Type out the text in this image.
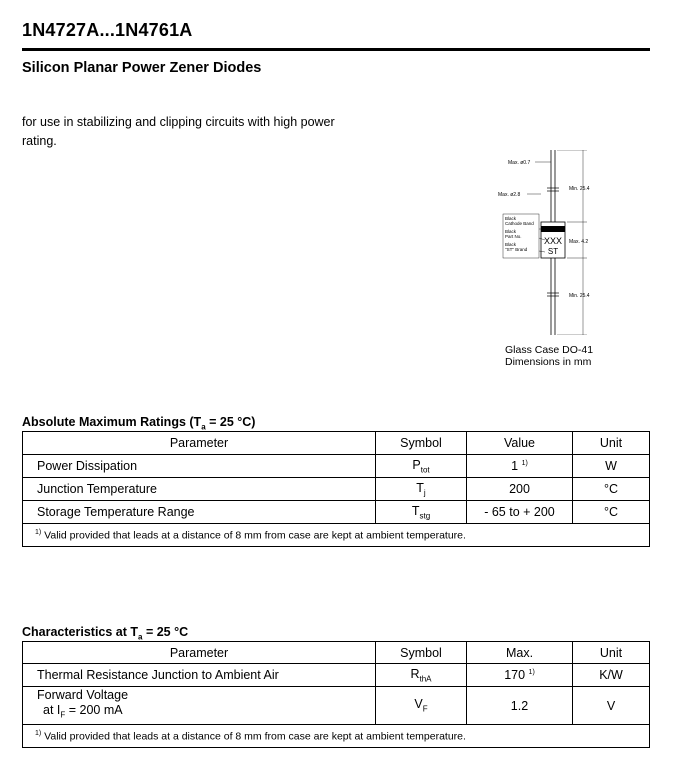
1N4727A...1N4761A
Silicon Planar Power Zener Diodes
for use in stabilizing and clipping circuits with high power
rating.
XXX
ST
Black
Cathode Band
Black
Part No.
Black
"ST" Brand
Max. ø0.7
Max. ø2.8
Min. 25.4
Max. 4.2
Min. 25.4
Glass Case DO-41
Dimensions in mm
Absolute Maximum Ratings ($T_a = 25$ °C)
Parameter	Symbol	Value	Unit
Power Dissipation	$P_{tot}$	1 $^{1)}$	W
Junction Temperature	$T_j$	200	°C
Storage Temperature Range	$T_{stg}$	- 65 to + 200	°C
$^{1)}$ Valid provided that leads at a distance of 8 mm from case are kept at ambient temperature.			
Characteristics at $T_a = 25$ °C
Parameter	Symbol	Max.	Unit
Thermal Resistance Junction to Ambient Air	$R_{thA}$	170 $^{1)}$	K/W

Forward Voltage
at $I_F = 200$ mA	$V_F$	1.2	V
$^{1)}$ Valid provided that leads at a distance of 8 mm from case are kept at ambient temperature.			
